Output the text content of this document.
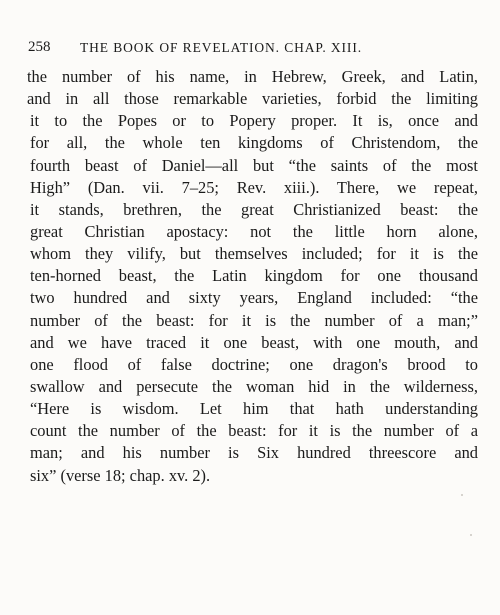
258 THE BOOK OF REVELATION. CHAP. XIII.
the number of his name, in Hebrew, Greek, and Latin,
and in all those remarkable varieties, forbid the limiting
it to the Popes or to Popery proper. It is, once and
for all, the whole ten kingdoms of Christendom, the
fourth beast of Daniel—all but “the saints of the most
High” (Dan. vii. 7–25; Rev. xiii.). There, we repeat,
it stands, brethren, the great Christianized beast: the
great Christian apostacy: not the little horn alone,
whom they vilify, but themselves included; for it is the
ten-horned beast, the Latin kingdom for one thousand
two hundred and sixty years, England included: “the
number of the beast: for it is the number of a man;”
and we have traced it one beast, with one mouth, and
one flood of false doctrine; one dragon's brood to
swallow and persecute the woman hid in the wilderness,
“Here is wisdom. Let him that hath understanding
count the number of the beast: for it is the number of a
man; and his number is Six hundred threescore and
six” (verse 18; chap. xv. 2).
